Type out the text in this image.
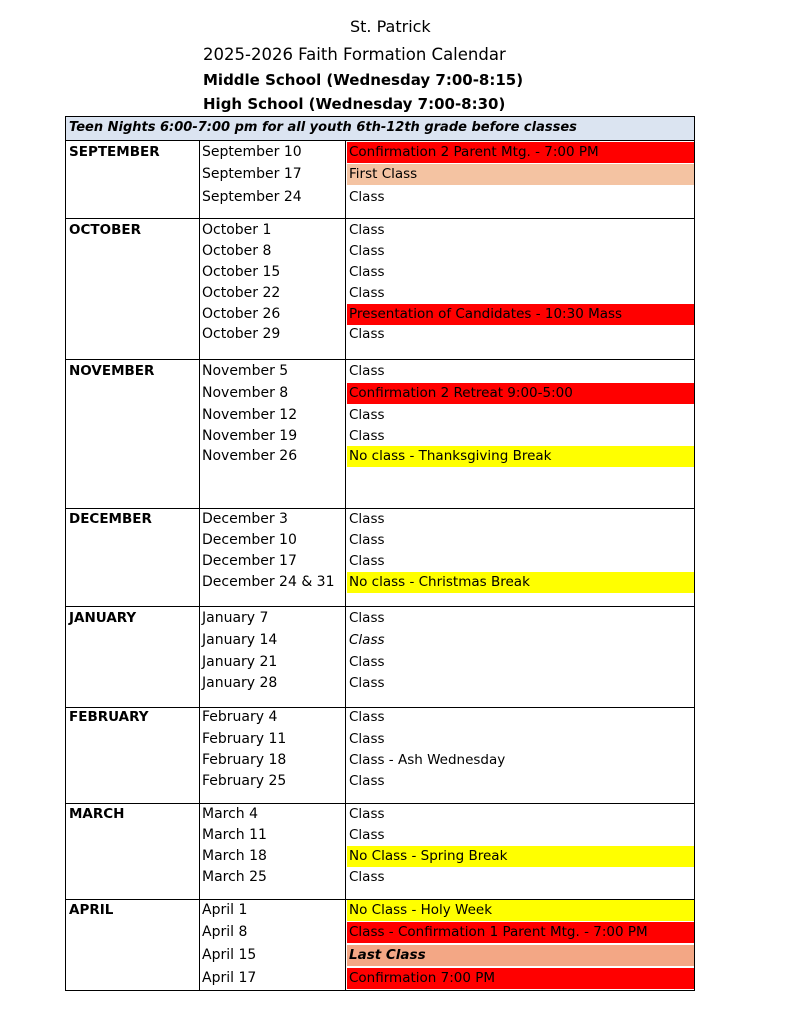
St. Patrick
2025-2026 Faith Formation Calendar
Middle School (Wednesday 7:00-8:15)
High School (Wednesday 7:00-8:30)
Teen Nights 6:00-7:00 pm for all youth 6th-12th grade before classes
SEPTEMBER	September 10	Confirmation 2 Parent Mtg. - 7:00 PM
September 17	First Class
September 24	Class
OCTOBER	October 1	Class
October 8	Class
October 15	Class
October 22	Class
October 26	Presentation of Candidates - 10:30 Mass
October 29	Class
NOVEMBER	November 5	Class
November 8	Confirmation 2 Retreat 9:00-5:00
November 12	Class
November 19	Class
November 26	No class - Thanksgiving Break
DECEMBER	December 3	Class
December 10	Class
December 17	Class
December 24 & 31 No class - Christmas Break
JANUARY	January 7	Class
January 14	Class
January 21	Class
January 28	Class
FEBRUARY	February 4	Class
February 11	Class
February 18	Class - Ash Wednesday
February 25	Class
MARCH	March 4	Class
March 11	Class
March 18	No Class - Spring Break
March 25	Class
APRIL	April 1	No Class - Holy Week
April 8	Class - Confirmation 1 Parent Mtg. - 7:00 PM
April 15	Last Class
April 17	Confirmation 7:00 PM
